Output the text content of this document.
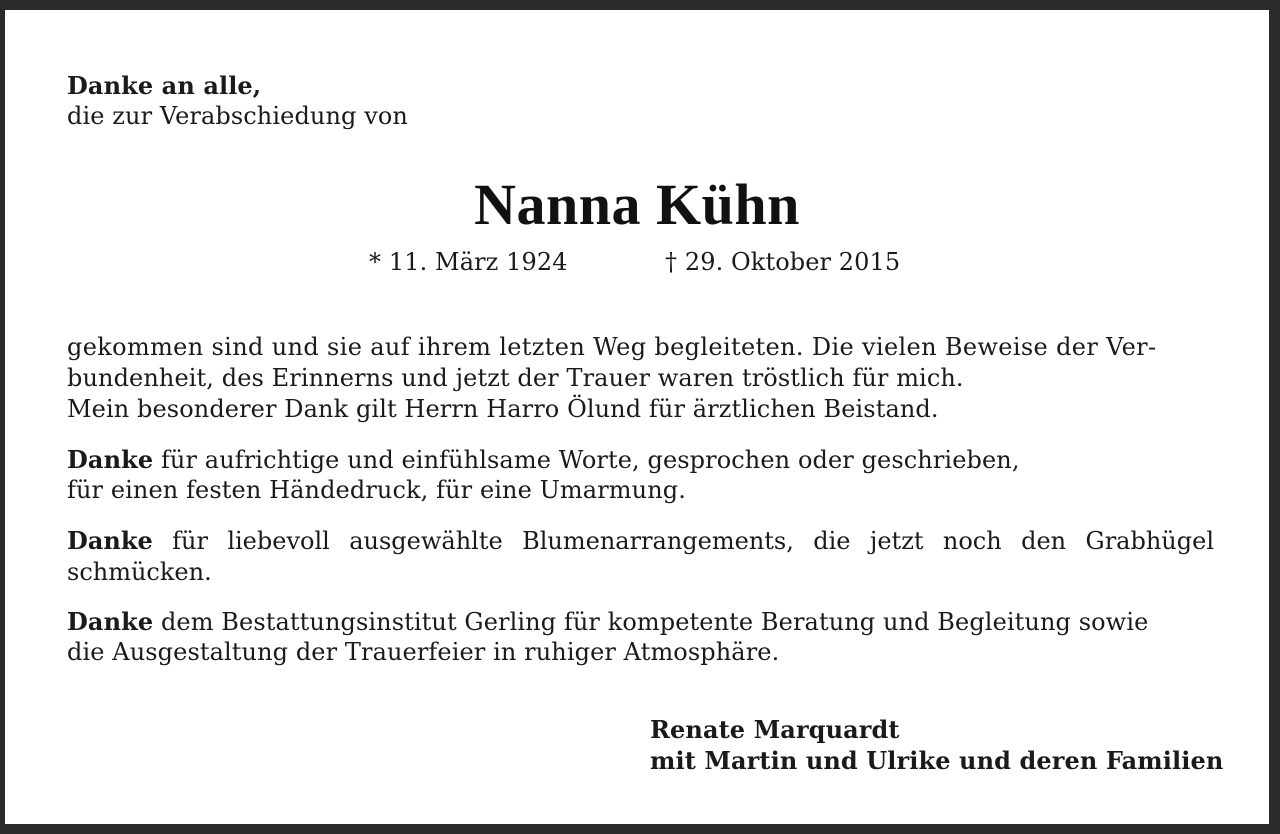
Danke an alle,
die zur Verabschiedung von
Nanna Kühn
* 11. März 1924	† 29. Oktober 2015
gekommen sind und sie auf ihrem letzten Weg begleiteten. Die vielen Beweise der Ver-
bundenheit, des Erinnerns und jetzt der Trauer waren tröstlich für mich.
Mein besonderer Dank gilt Herrn Harro Ölund für ärztlichen Beistand.
Danke für aufrichtige und einfühlsame Worte, gesprochen oder geschrieben,
für einen festen Händedruck, für eine Umarmung.
Danke für liebevoll ausgewählte Blumenarrangements, die jetzt noch den Grabhügel schmücken.
Danke dem Bestattungsinstitut Gerling für kompetente Beratung und Begleitung sowie
die Ausgestaltung der Trauerfeier in ruhiger Atmosphäre.
Renate Marquardt
mit Martin und Ulrike und deren Familien
